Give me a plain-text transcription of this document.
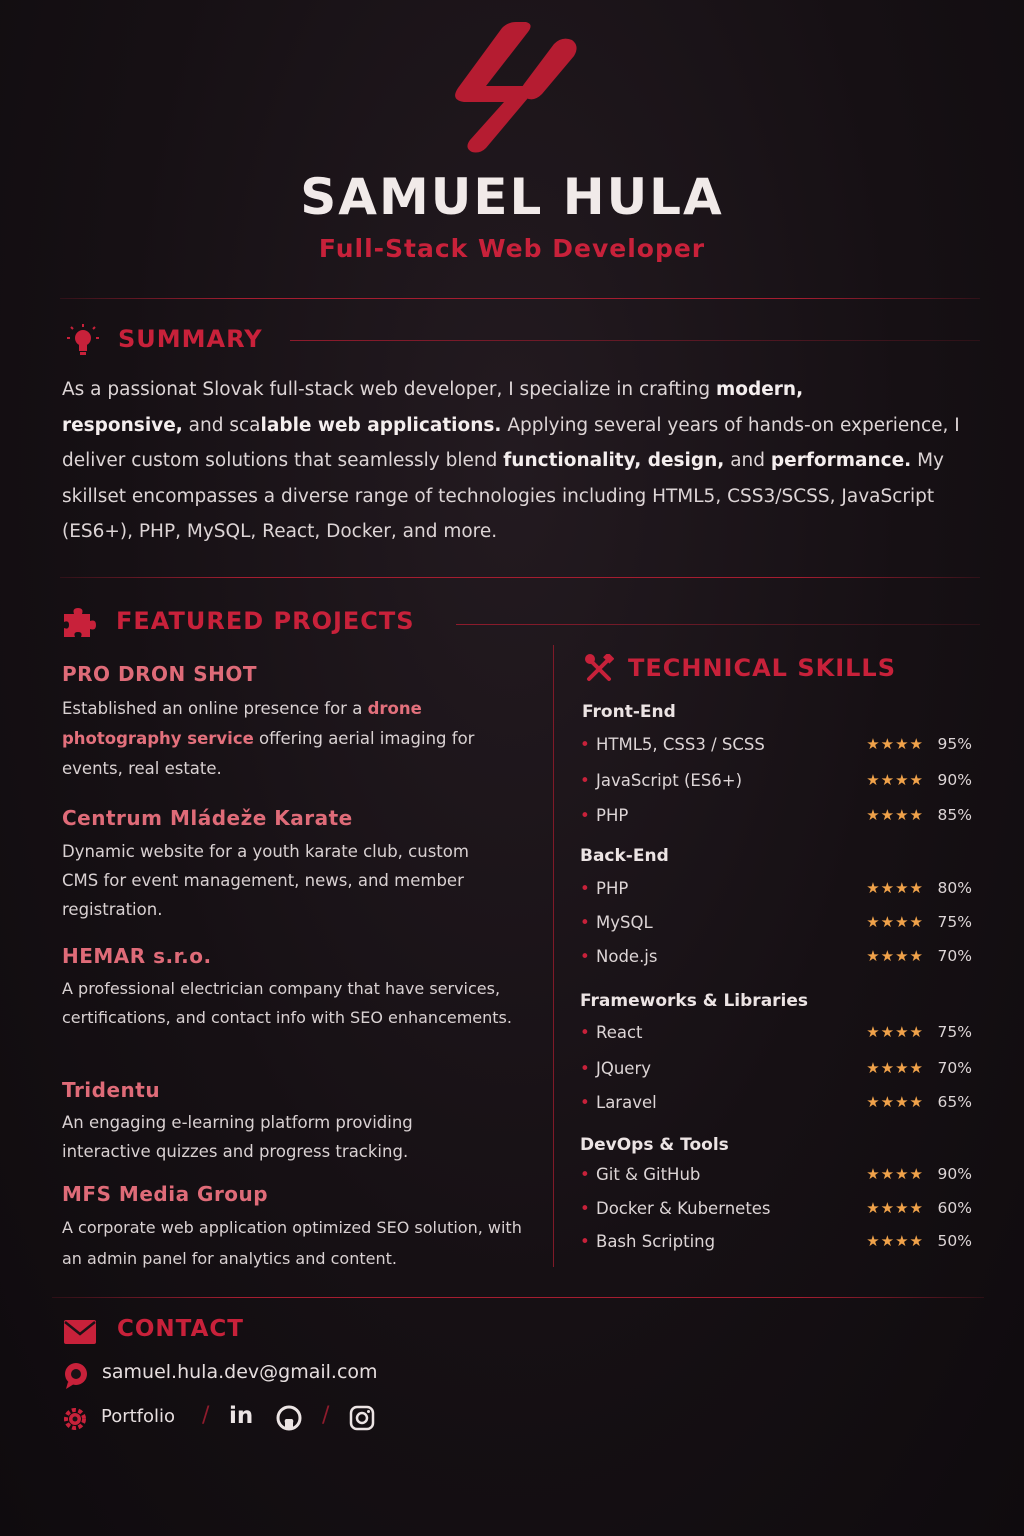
SAMUEL HULA
Full-Stack Web Developer
SUMMARY
As a passionat Slovak full-stack web developer, I specialize in crafting modern,
responsive, and scalable web applications. Applying several years of hands-on experience, I deliver custom solutions that seamlessly blend functionality, design, and performance. My skillset encompasses a diverse range of technologies including HTML5, CSS3/SCSS, JavaScript (ES6+), PHP, MySQL, React, Docker, and more.
FEATURED PROJECTS
PRO DRON SHOT
Established an online presence for a drone photography service offering aerial imaging for events, real estate.
Centrum Mládeže Karate
Dynamic website for a youth karate club, custom CMS for event management, news, and member registration.
HEMAR s.r.o.
A professional electrician company that have services, certifications, and contact info with SEO enhancements.
Tridentu
An engaging e-learning platform providing interactive quizzes and progress tracking.
MFS Media Group
A corporate web application optimized SEO solution, with an admin panel for analytics and content.
TECHNICAL SKILLS
Front-End
• HTML5, CSS3 / SCSS	★★★★ 95%
• JavaScript (ES6+)	★★★★ 90%
• PHP	★★★★ 85%
Back-End
• PHP	★★★★ 80%
• MySQL	★★★★ 75%
• Node.js	★★★★ 70%
Frameworks & Libraries
• React	★★★★ 75%
• JQuery	★★★★ 70%
• Laravel	★★★★ 65%
DevOps & Tools
• Git & GitHub	★★★★ 90%
• Docker & Kubernetes	★★★★ 60%
• Bash Scripting	★★★★ 50%
CONTACT
samuel.hula.dev@gmail.com
Portfolio / in	/
